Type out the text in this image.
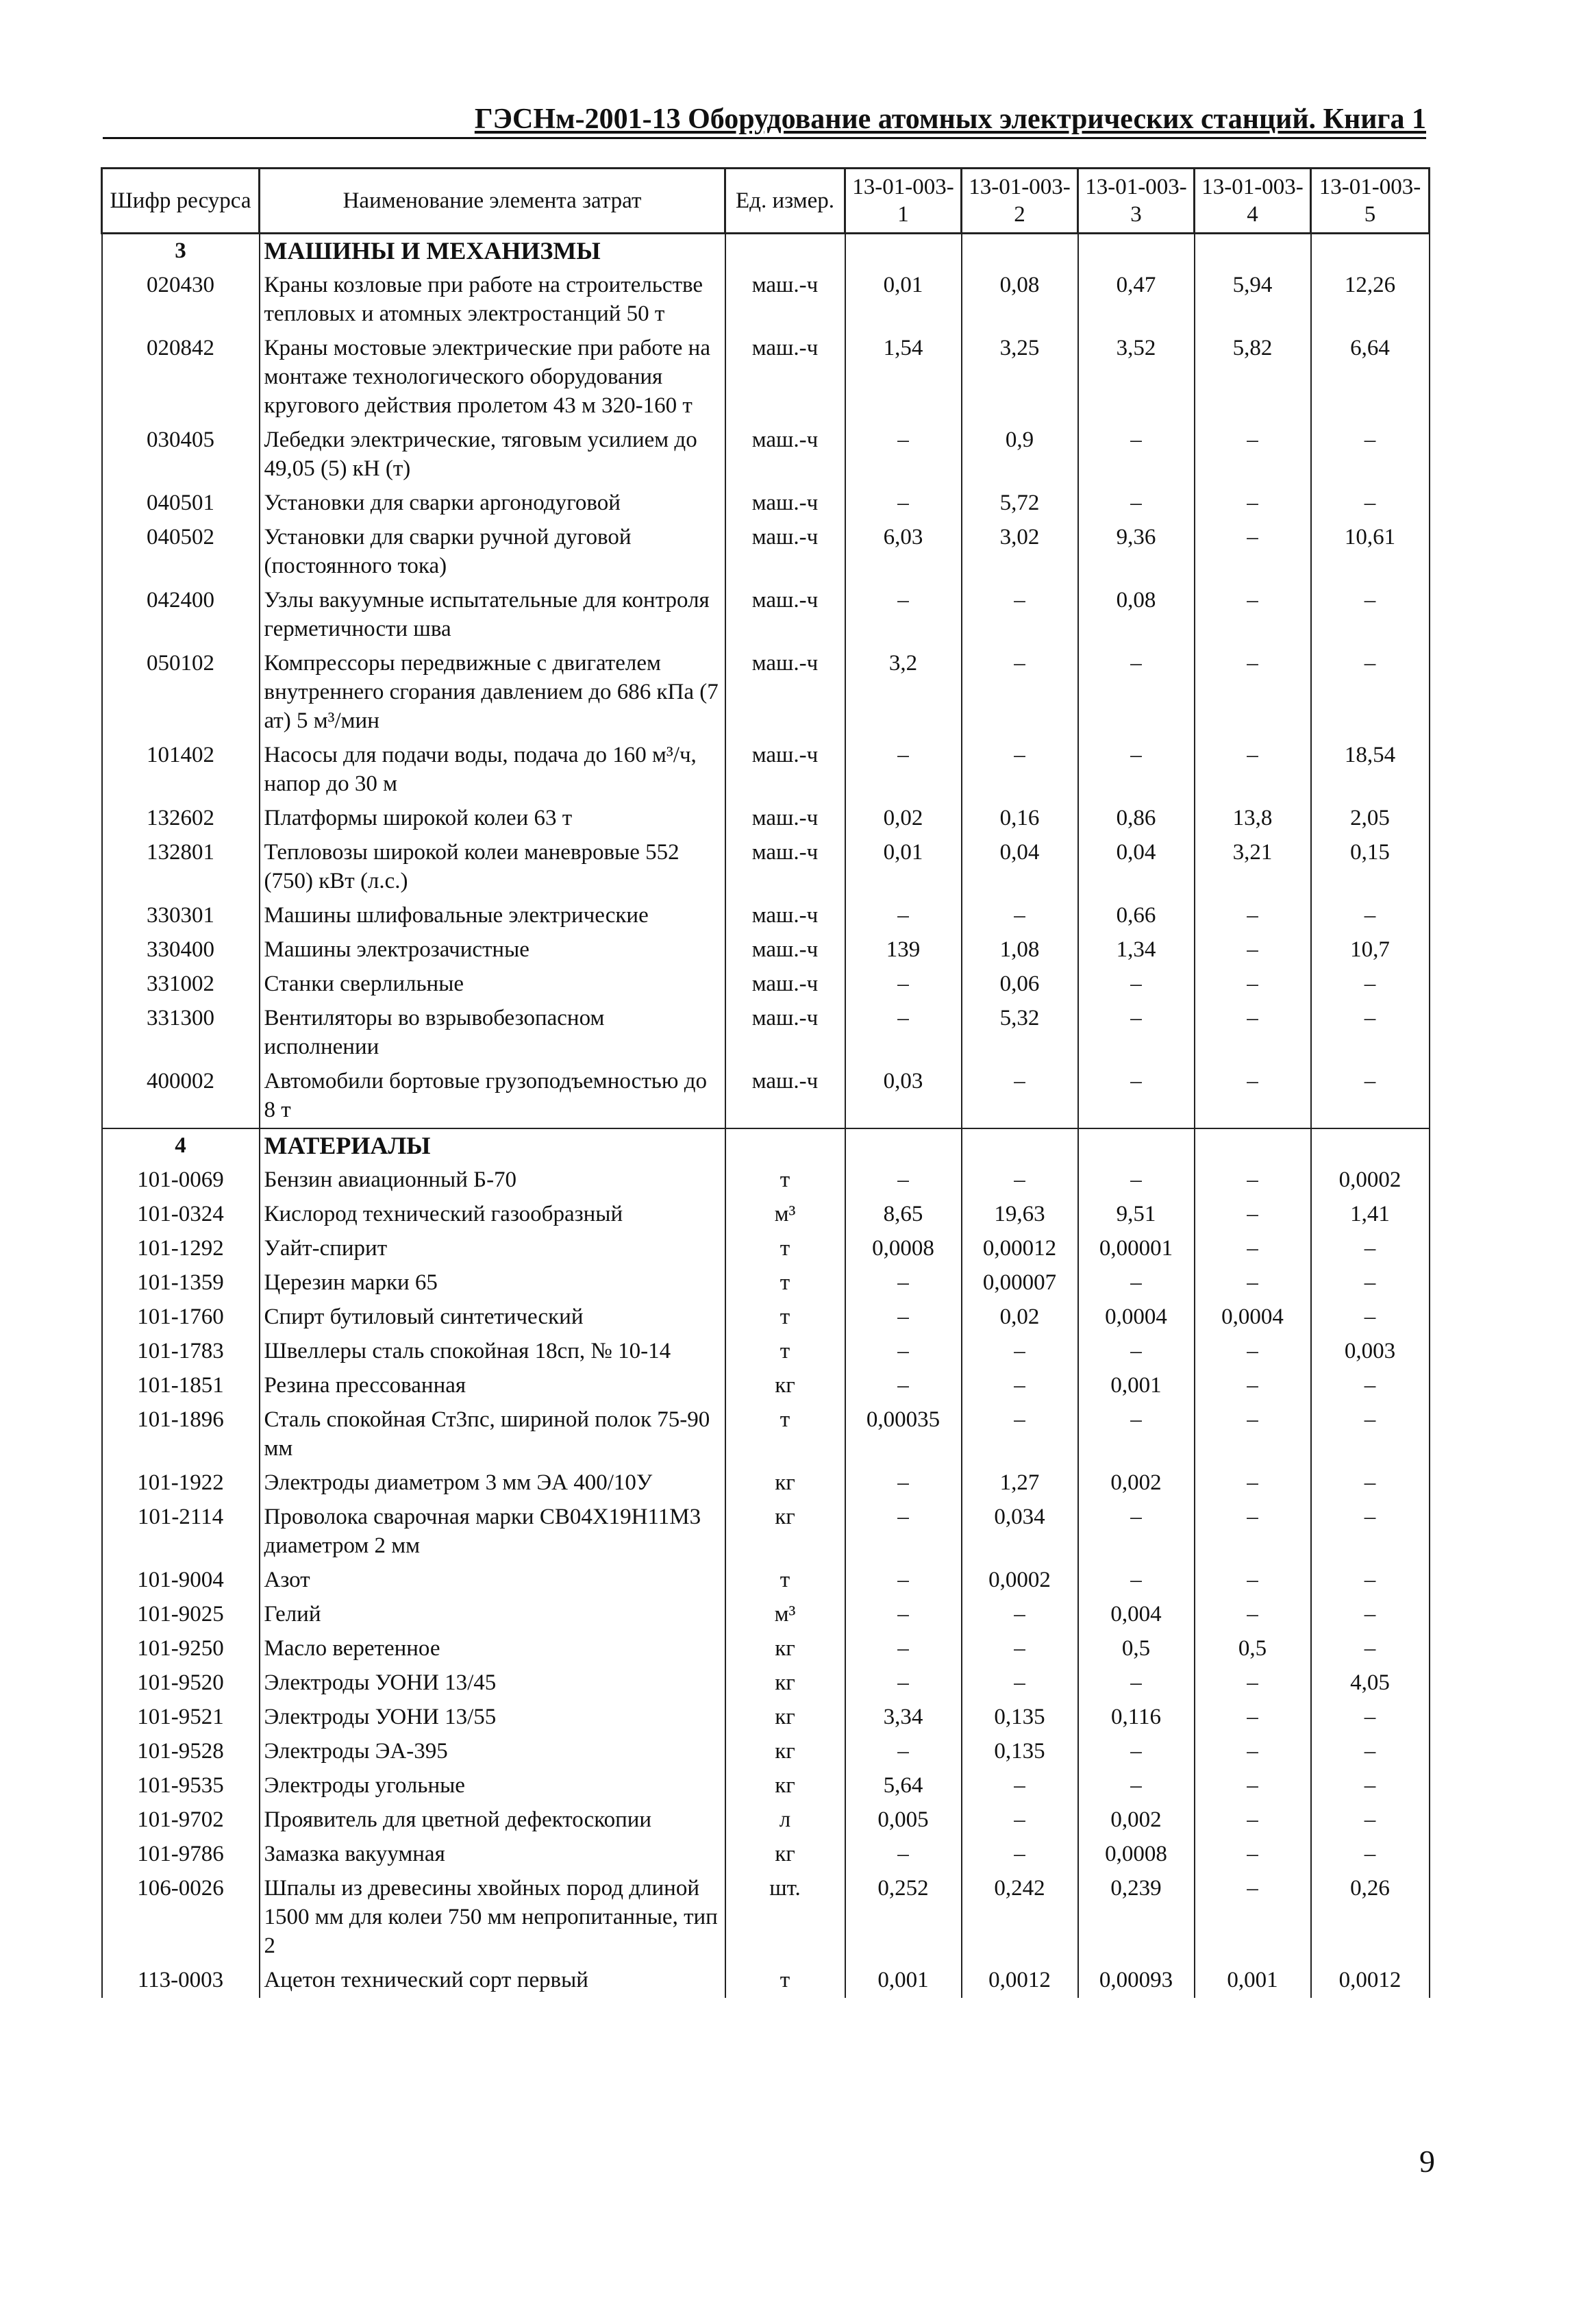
ГЭСНм-2001-13 Оборудование атомных электрических станций. Книга 1
Шифр ресурса	Наименование элемента затрат	Ед. измер.	13-01-003-1	13-01-003-2	13-01-003-3	13-01-003-4	13-01-003-5
3	МАШИНЫ И МЕХАНИЗМЫ						
020430	Краны козловые при работе на строительстве тепловых и атомных электростанций 50 т	маш.-ч	0,01	0,08	0,47	5,94	12,26
020842	Краны мостовые электрические при работе на монтаже технологического оборудования кругового действия пролетом 43 м 320-160 т	маш.-ч	1,54	3,25	3,52	5,82	6,64
030405	Лебедки электрические, тяговым усилием до 49,05 (5) кН (т)	маш.-ч	–	0,9	–	–	–
040501	Установки для сварки аргонодуговой	маш.-ч	–	5,72	–	–	–
040502	Установки для сварки ручной дуговой (постоянного тока)	маш.-ч	6,03	3,02	9,36	–	10,61
042400	Узлы вакуумные испытательные для контроля герметичности шва	маш.-ч	–	–	0,08	–	–
050102	Компрессоры передвижные с двигателем внутреннего сгорания давлением до 686 кПа (7 ат) 5 м³/мин	маш.-ч	3,2	–	–	–	–
101402	Насосы для подачи воды, подача до 160 м³/ч, напор до 30 м	маш.-ч	–	–	–	–	18,54
132602	Платформы широкой колеи 63 т	маш.-ч	0,02	0,16	0,86	13,8	2,05
132801	Тепловозы широкой колеи маневровые 552 (750) кВт (л.с.)	маш.-ч	0,01	0,04	0,04	3,21	0,15
330301	Машины шлифовальные электрические	маш.-ч	–	–	0,66	–	–
330400	Машины электрозачистные	маш.-ч	139	1,08	1,34	–	10,7
331002	Станки сверлильные	маш.-ч	–	0,06	–	–	–
331300	Вентиляторы во взрывобезопасном исполнении	маш.-ч	–	5,32	–	–	–
400002	Автомобили бортовые грузоподъемностью до 8 т	маш.-ч	0,03	–	–	–	–
4	МАТЕРИАЛЫ						
101-0069	Бензин авиационный Б-70	т	–	–	–	–	0,0002
101-0324	Кислород технический газообразный	м³	8,65	19,63	9,51	–	1,41
101-1292	Уайт-спирит	т	0,0008	0,00012	0,00001	–	–
101-1359	Церезин марки 65	т	–	0,00007	–	–	–
101-1760	Спирт бутиловый синтетический	т	–	0,02	0,0004	0,0004	–
101-1783	Швеллеры сталь спокойная 18сп, № 10-14	т	–	–	–	–	0,003
101-1851	Резина прессованная	кг	–	–	0,001	–	–
101-1896	Сталь спокойная Ст3пс, шириной полок 75-90 мм	т	0,00035	–	–	–	–
101-1922	Электроды диаметром 3 мм ЭА 400/10У	кг	–	1,27	0,002	–	–
101-2114	Проволока сварочная марки СВ04Х19Н11М3 диаметром 2 мм	кг	–	0,034	–	–	–
101-9004	Азот	т	–	0,0002	–	–	–
101-9025	Гелий	м³	–	–	0,004	–	–
101-9250	Масло веретенное	кг	–	–	0,5	0,5	–
101-9520	Электроды УОНИ 13/45	кг	–	–	–	–	4,05
101-9521	Электроды УОНИ 13/55	кг	3,34	0,135	0,116	–	–
101-9528	Электроды ЭА-395	кг	–	0,135	–	–	–
101-9535	Электроды угольные	кг	5,64	–	–	–	–
101-9702	Проявитель для цветной дефектоскопии	л	0,005	–	0,002	–	–
101-9786	Замазка вакуумная	кг	–	–	0,0008	–	–
106-0026	Шпалы из древесины хвойных пород длиной 1500 мм для колеи 750 мм непропитанные, тип 2	шт.	0,252	0,242	0,239	–	0,26
113-0003	Ацетон технический сорт первый	т	0,001	0,0012	0,00093	0,001	0,0012
9
